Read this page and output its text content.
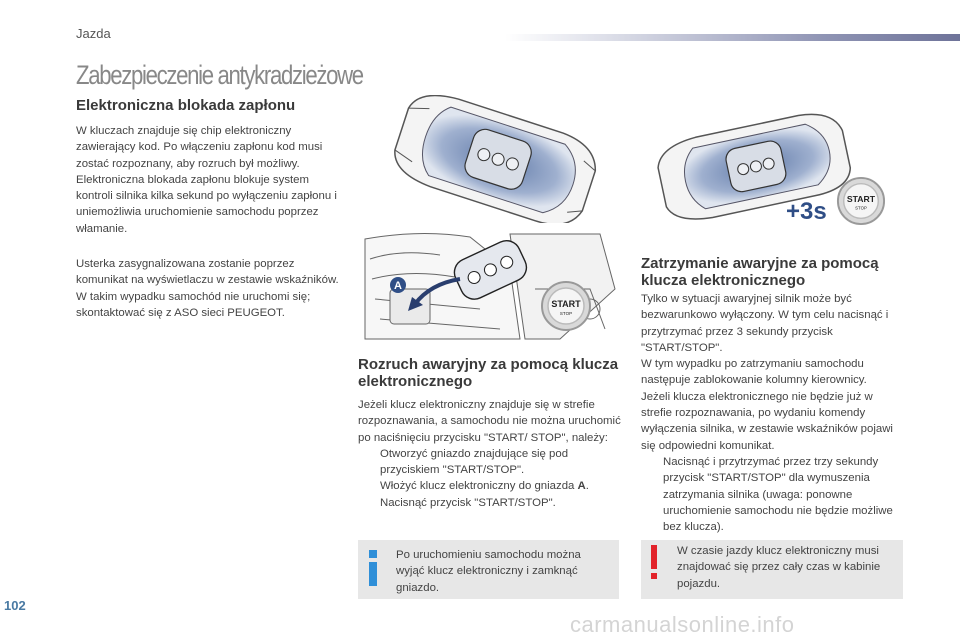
Jazda
Zabezpieczenie antykradzieżowe
Elektroniczna blokada zapłonu

W kluczach znajduje się chip elektroniczny zawierający kod. Po włączeniu zapłonu kod musi zostać rozpoznany, aby rozruch był możliwy. Elektroniczna blokada zapłonu blokuje system kontroli silnika kilka sekund po wyłączeniu zapłonu i uniemożliwia uruchomienie samochodu poprzez włamanie.

Usterka zasygnalizowana zostanie poprzez komunikat na wyświetlaczu w zestawie wskaźników.
W takim wypadku samochód nie uruchomi się; skontaktować się z ASO sieci PEUGEOT.
A
START
STOP
Rozruch awaryjny za pomocą klucza elektronicznego
Jeżeli klucz elektroniczny znajduje się w strefie rozpoznawania, a samochodu nie można uruchomić po naciśnięciu przycisku "START/ STOP", należy:
Otworzyć gniazdo znajdujące się pod przyciskiem "START/STOP".
Włożyć klucz elektroniczny do gniazda A.
Nacisnąć przycisk "START/STOP".
Po uruchomieniu samochodu można wyjąć klucz elektroniczny i zamknąć gniazdo.
+3s START
STOP
Zatrzymanie awaryjne za pomocą klucza elektronicznego
Tylko w sytuacji awaryjnej silnik może być bezwarunkowo wyłączony. W tym celu nacisnąć i przytrzymać przez 3 sekundy przycisk "START/STOP".
W tym wypadku po zatrzymaniu samochodu następuje zablokowanie kolumny kierownicy.
Jeżeli klucza elektronicznego nie będzie już w strefie rozpoznawania, po wydaniu komendy wyłączenia silnika, w zestawie wskaźników pojawi się odpowiedni komunikat.
Nacisnąć i przytrzymać przez trzy sekundy przycisk "START/STOP" dla wymuszenia zatrzymania silnika (uwaga: ponowne uruchomienie samochodu nie będzie możliwe bez klucza).
W czasie jazdy klucz elektroniczny musi znajdować się przez cały czas w kabinie pojazdu.
102
carmanualsonline.info
